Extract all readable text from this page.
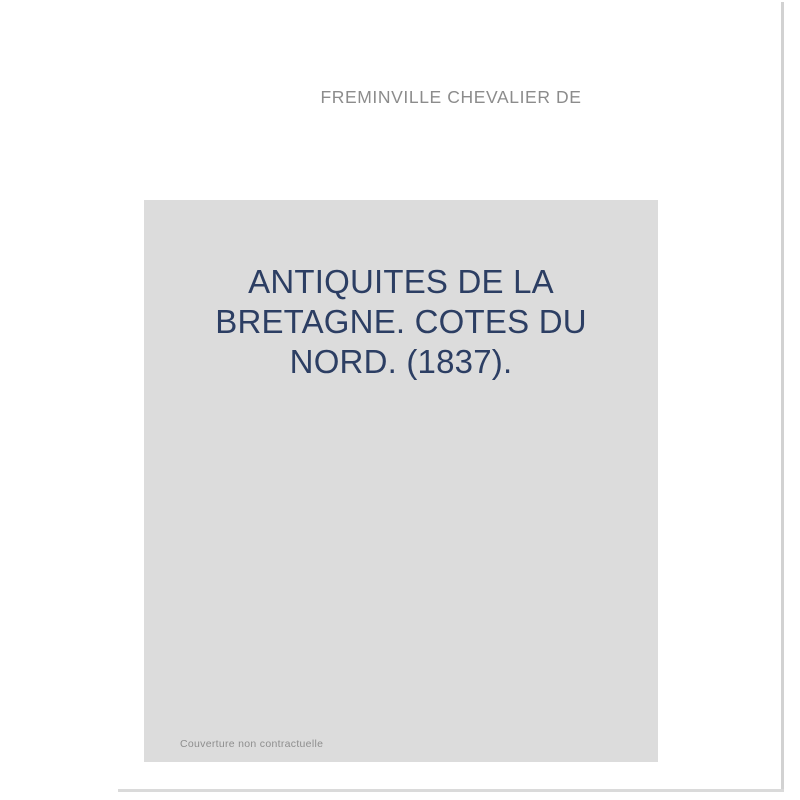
FREMINVILLE CHEVALIER DE
ANTIQUITES DE LA BRETAGNE. COTES DU NORD. (1837).
Couverture non contractuelle
